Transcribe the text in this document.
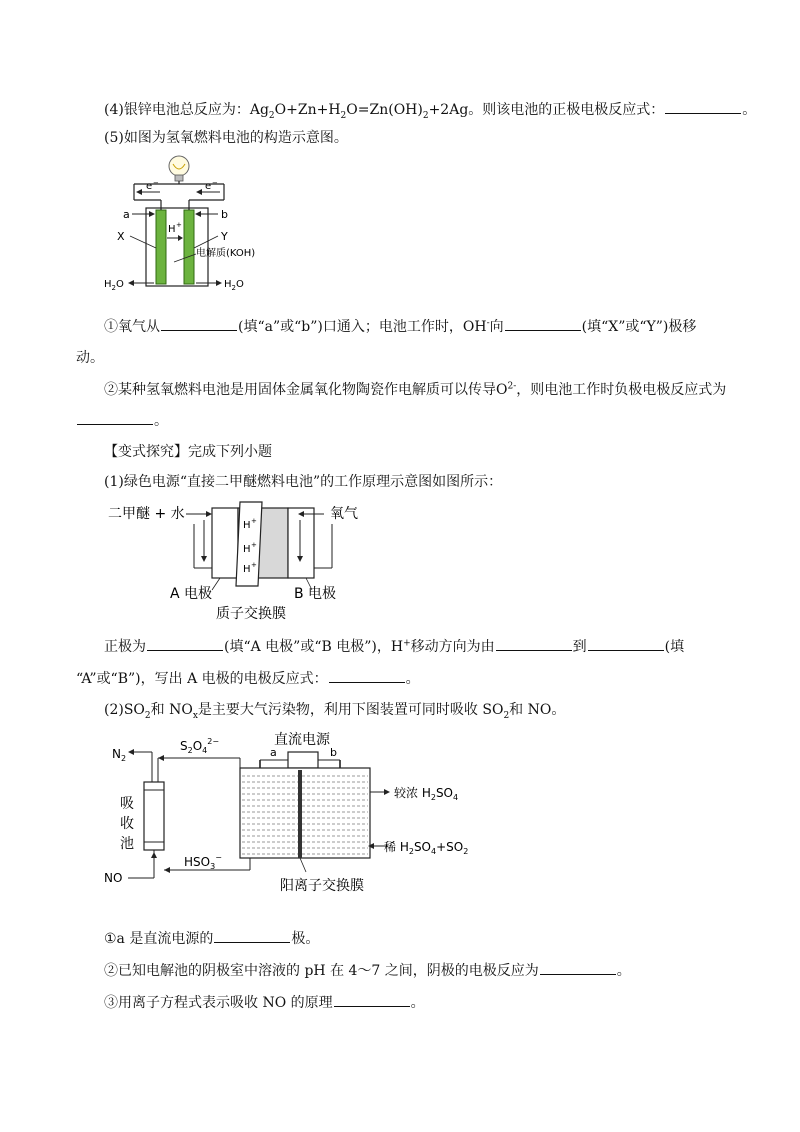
(4)银锌电池总反应为：$Ag_2O+Zn+H_2O=Zn(OH)_2+2Ag$。则该电池的正极电极反应式：	。
(5)如图为氢氧燃料电池的构造示意图。
e −	e −
a	b
X	Y
H +
电解质(KOH)
$H_2O$	$H_2O$
①氧气从	(填“a”或“b”)口通入；电池工作时，OH-向	(填“X”或“Y”)极移
动。
②某种氢氧燃料电池是用固体金属氧化物陶瓷作电解质可以传导$O^{2-}$，则电池工作时负极电极反应式为
。
【变式探究】完成下列小题
(1)绿色电源“直接二甲醚燃料电池”的工作原理示意图如图所示：
二甲醚 + 水
H +
H +
H +
氧气
A 电极	B 电极
质子交换膜
正极为	(填“A 电极”或“B 电极”)，H+移动方向为由	到	(填
“A”或“B”)，写出 A 电极的电极反应式：	。
$(2)SO_2$和 $NO_x$是主要大气污染物，利用下图装置可同时吸收 $SO_2$和 NO。
$N_2$
$S_2O_4^{2-}$
吸
收
池
NO
$HSO_3^-$
直流电源
a	b
较浓 $H_2SO_4$
稀 $H_2SO_4+SO_2$
阳离子交换膜
①a 是直流电源的	极。
②已知电解池的阴极室中溶液的 pH 在 4～7 之间，阴极的电极反应为	。
③用离子方程式表示吸收 NO 的原理	。
